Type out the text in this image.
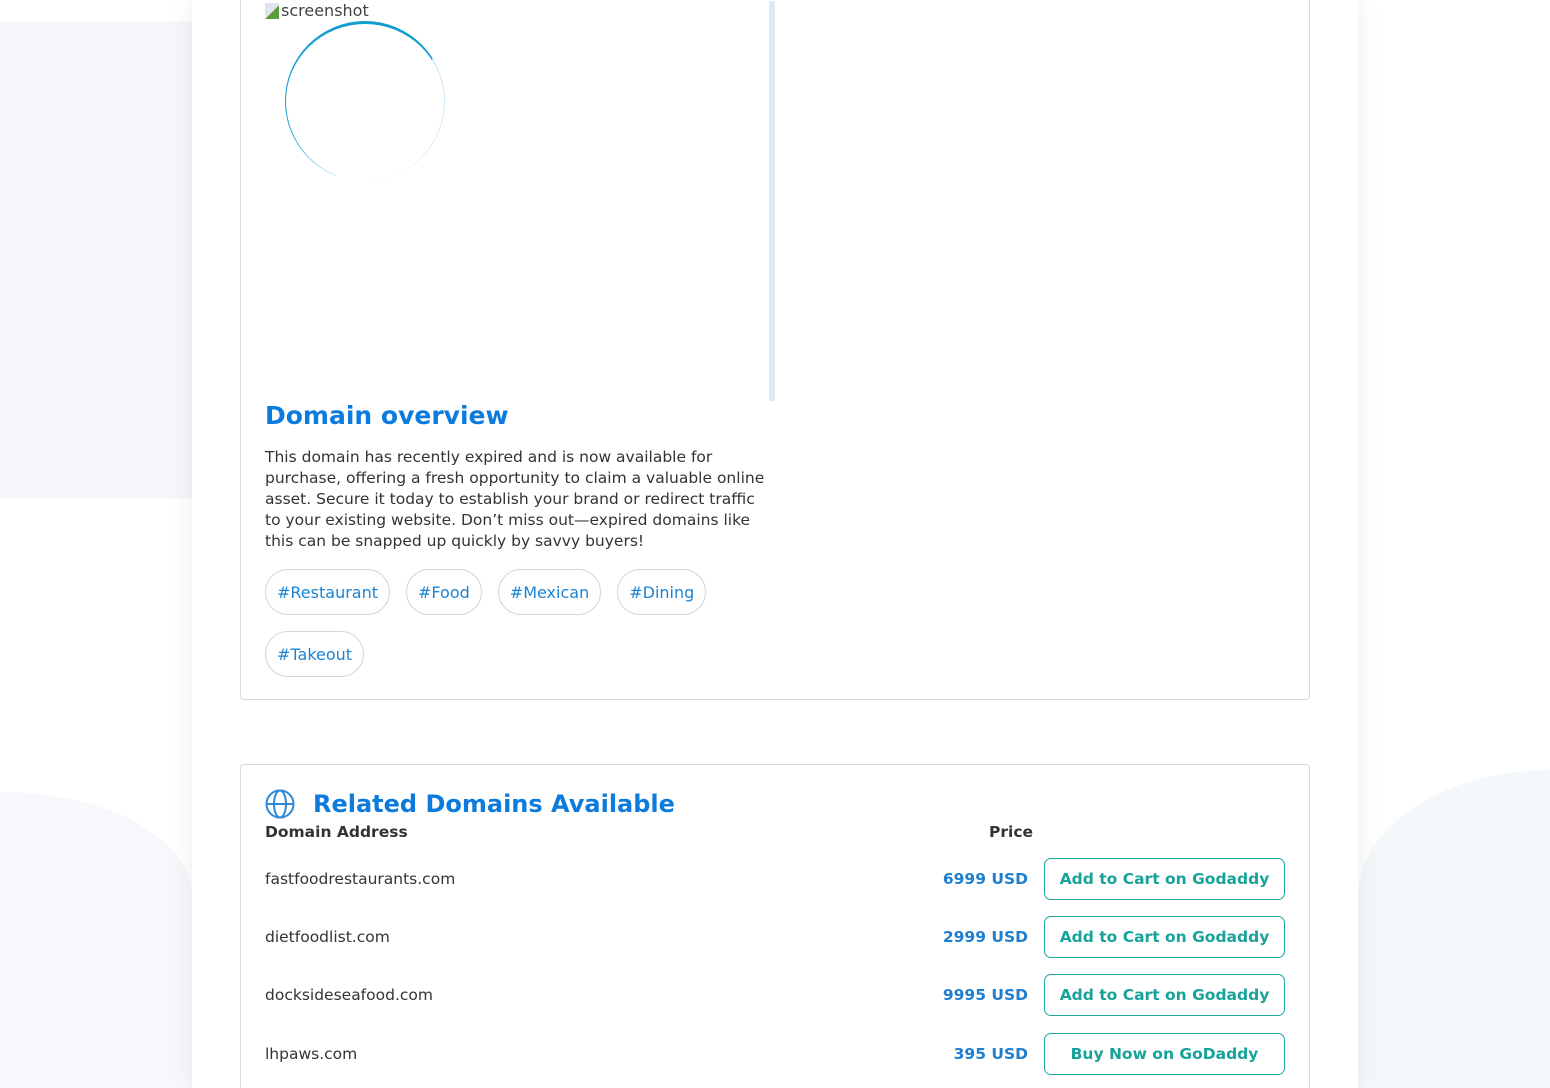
screenshot
Domain overview

This domain has recently expired and is now available for purchase, offering a fresh opportunity to claim a valuable online asset. Secure it today to establish your brand or redirect traffic to your existing website. Don’t miss out—expired domains like this can be snapped up quickly by savvy buyers!

#Restaurant	#Food	#Mexican	#Dining
#Takeout
Related Domains Available
Domain Address	Price
fastfoodrestaurants.com	6999 USD	Add to Cart on Godaddy
dietfoodlist.com	2999 USD	Add to Cart on Godaddy
docksideseafood.com	9995 USD	Add to Cart on Godaddy
lhpaws.com	395 USD	Buy Now on GoDaddy
